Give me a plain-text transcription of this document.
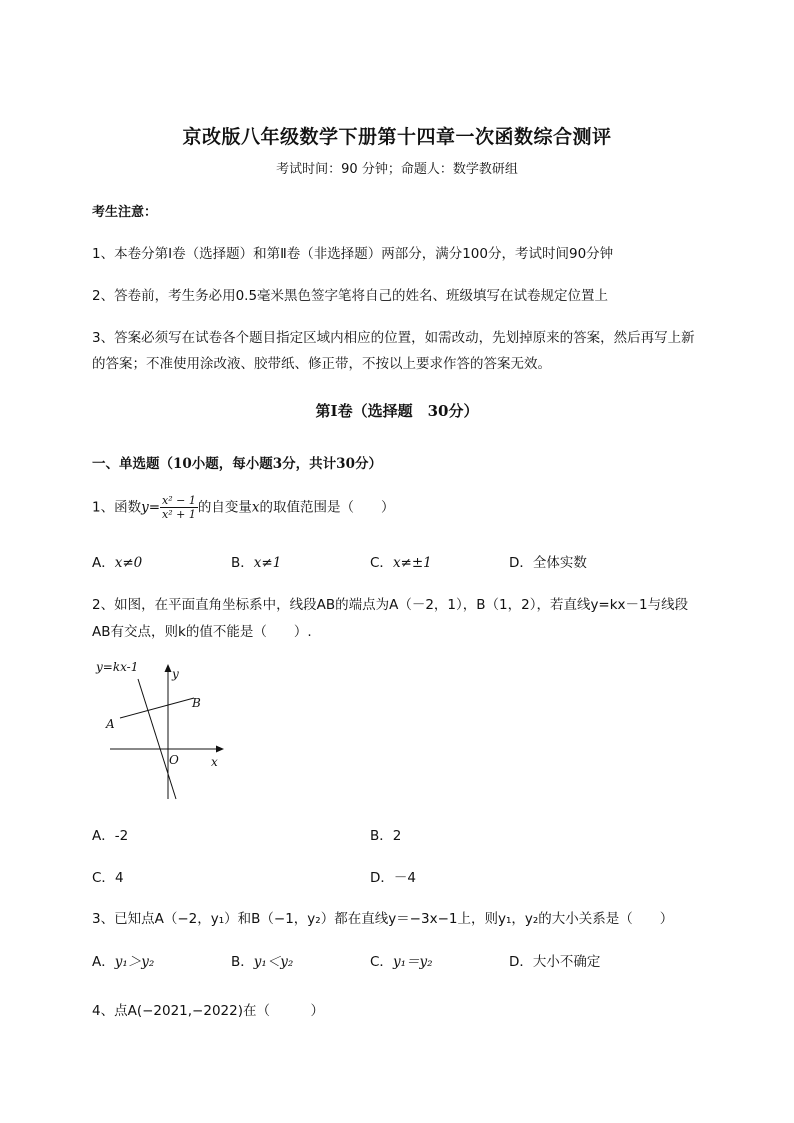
京改版八年级数学下册第十四章一次函数综合测评
考试时间：90 分钟；命题人：数学教研组
考生注意：
1、本卷分第Ⅰ卷（选择题）和第Ⅱ卷（非选择题）两部分，满分100分，考试时间90分钟
2、答卷前，考生务必用0.5毫米黑色签字笔将自己的姓名、班级填写在试卷规定位置上
3、答案必须写在试卷各个题目指定区域内相应的位置，如需改动，先划掉原来的答案，然后再写上新
的答案；不准使用涂改液、胶带纸、修正带，不按以上要求作答的答案无效。
第Ⅰ卷（选择题　30分）
一、单选题（10小题，每小题3分，共计30分）
1、函数$y= \frac{\text{x² − 1}}{\text{x² + 1}}$ 的自变量x的取值范围是（　　）
A．x≠0	B．x≠1	C．x≠±1	D．全体实数
2、如图，在平面直角坐标系中，线段AB的端点为A（－2，1），B（1，2），若直线y=kx－1与线段
AB有交点，则k的值不能是（　　）.
y=kx-1	y
x
A
B
O
A．-2	B．2
C．4	D．－4
3、已知点A（−2，y₁）和B（−1，y₂）都在直线y＝−3x−1上，则y₁，y₂的大小关系是（　　）
A．y₁＞y₂	B．y₁＜y₂	C．y₁＝y₂	D．大小不确定
4、点A(−2021,−2022)在（　　　）
